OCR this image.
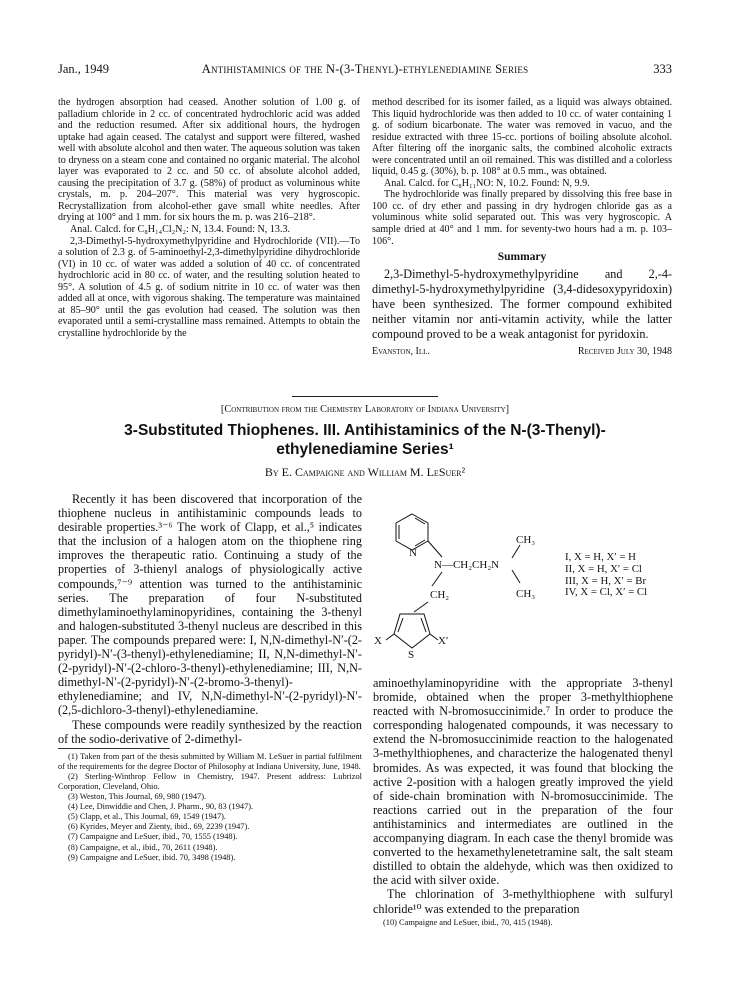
Jan., 1949	Antihistaminics of the N-(3-Thenyl)-ethylenediamine Series	333

the hydrogen absorption had ceased. Another solution of 1.00 g. of palladium chloride in 2 cc. of concentrated hydrochloric acid was added and the reduction resumed. After six additional hours, the hydrogen uptake had again ceased. The catalyst and support were filtered, washed well with absolute alcohol and then water. The aqueous solution was taken to dryness on a steam cone and contained no organic material. The alcohol layer was evaporated to 2 cc. and 50 cc. of absolute alcohol added, causing the precipitation of 3.7 g. (58%) of product as voluminous white crystals, m. p. 204–207°. This material was very hygroscopic. Recrystallization from alcohol-ether gave small white needles. After drying at 100° and 1 mm. for six hours the m. p. was 216–218°.

Anal. Calcd. for C₈H₁₄Cl₂N₂: N, 13.4. Found: N, 13.3.

2,3-Dimethyl-5-hydroxymethylpyridine and Hydrochloride (VII).—To a solution of 2.3 g. of 5-aminoethyl-2,3-dimethylpyridine dihydrochloride (VI) in 10 cc. of water was added a solution of 40 cc. of concentrated hydrochloric acid in 80 cc. of water, and the resulting solution heated to 95°. A solution of 4.5 g. of sodium nitrite in 10 cc. of water was then added all at once, with vigorous shaking. The temperature was maintained at 85–90° until the gas evolution had ceased. The solution was then evaporated until a semi-crystalline mass remained. Attempts to obtain the crystalline hydrochloride by the

method described for its isomer failed, as a liquid was always obtained. This liquid hydrochloride was then added to 10 cc. of water containing 1 g. of sodium bicarbonate. The water was removed in vacuo, and the residue extracted with three 15-cc. portions of boiling absolute alcohol. After filtering off the inorganic salts, the combined alcoholic extracts were concentrated until an oil remained. This was distilled and a colorless liquid, 0.45 g. (30%), b. p. 108° at 0.5 mm., was obtained.

Anal. Calcd. for C₈H₁₁NO: N, 10.2. Found: N, 9.9.

The hydrochloride was finally prepared by dissolving this free base in 100 cc. of dry ether and passing in dry hydrogen chloride gas as a voluminous white solid separated out. This was very hygroscopic. A sample dried at 40° and 1 mm. for seventy-two hours had a m. p. 103–106°.

Summary

2,3-Dimethyl-5-hydroxymethylpyridine and 2,-4-dimethyl-5-hydroxymethylpyridine (3,4-didesoxypyridoxin) have been synthesized. The former compound exhibited neither vitamin nor anti-vitamin activity, while the latter compound proved to be a weak antagonist for pyridoxin.

Evanston, Ill.	Received July 30, 1948
[Contribution from the Chemistry Laboratory of Indiana University]
3-Substituted Thiophenes. III. Antihistaminics of the N-(3-Thenyl)-
ethylenediamine Series¹
By E. Campaigne and William M. LeSuer²

Recently it has been discovered that incorporation of the thiophene nucleus in antihistaminic compounds leads to desirable properties.³⁻⁶ The work of Clapp, et al.,⁵ indicates that the inclusion of a halogen atom on the thiophene ring improves the therapeutic ratio. Continuing a study of the properties of 3-thienyl analogs of physiologically active compounds,⁷⁻⁹ attention was turned to the antihistaminic series. The preparation of four N-substituted dimethylaminoethylaminopyridines, containing the 3-thenyl and halogen-substituted 3-thenyl nucleus are described in this paper. The compounds prepared were: I, N,N-dimethyl-N′-(2-pyridyl)-N′-(3-thenyl)-ethylenediamine; II, N,N-dimethyl-N′-(2-pyridyl)-N′-(2-chloro-3-thenyl)-ethylenediamine; III, N,N-dimethyl-N′-(2-pyridyl)-N′-(2-bromo-3-thenyl)-ethylenediamine; and IV, N,N-dimethyl-N′-(2-pyridyl)-N′-(2,5-dichloro-3-thenyl)-ethylenediamine.

These compounds were readily synthesized by the reaction of the sodio-derivative of 2-dimethyl-

(1) Taken from part of the thesis submitted by William M. LeSuer in partial fulfilment of the requirements for the degree Doctor of Philosophy at Indiana University, June, 1948.
(2) Sterling-Winthrop Fellow in Chemistry, 1947. Present address: Lubrizol Corporation, Cleveland, Ohio.
(3) Weston, This Journal, 69, 980 (1947).
(4) Lee, Dinwiddie and Chen, J. Pharm., 90, 83 (1947).
(5) Clapp, et al., This Journal, 69, 1549 (1947).
(6) Kyrides, Meyer and Zienty, ibid., 69, 2239 (1947).
(7) Campaigne and LeSuer, ibid., 70, 1555 (1948).
(8) Campaigne, et al., ibid., 70, 2611 (1948).
(9) Campaigne and LeSuer, ibid. 70, 3498 (1948).
N
N—CH₂CH₂N
CH₃
CH₃
CH₂
X	X′
S
I, X = H, X′ = H
II, X = H, X′ = Cl
III, X = H, X′ = Br
IV, X = Cl, X′ = Cl

aminoethylaminopyridine with the appropriate 3-thenyl bromide, obtained when the proper 3-methylthiophene reacted with N-bromosuccinimide.⁷ In order to produce the corresponding halogenated compounds, it was necessary to extend the N-bromosuccinimide reaction to the halogenated 3-methylthiophenes, and characterize the halogenated thenyl bromides. As was expected, it was found that blocking the active 2-position with a halogen greatly improved the yield of side-chain bromination with N-bromosuccinimide. The reactions carried out in the preparation of the four antihistaminics and intermediates are outlined in the accompanying diagram. In each case the thenyl bromide was converted to the hexamethylenetetramine salt, the salt steam distilled to obtain the aldehyde, which was then oxidized to the acid with silver oxide.

The chlorination of 3-methylthiophene with sulfuryl chloride¹⁰ was extended to the preparation

(10) Campaigne and LeSuer, ibid., 70, 415 (1948).
